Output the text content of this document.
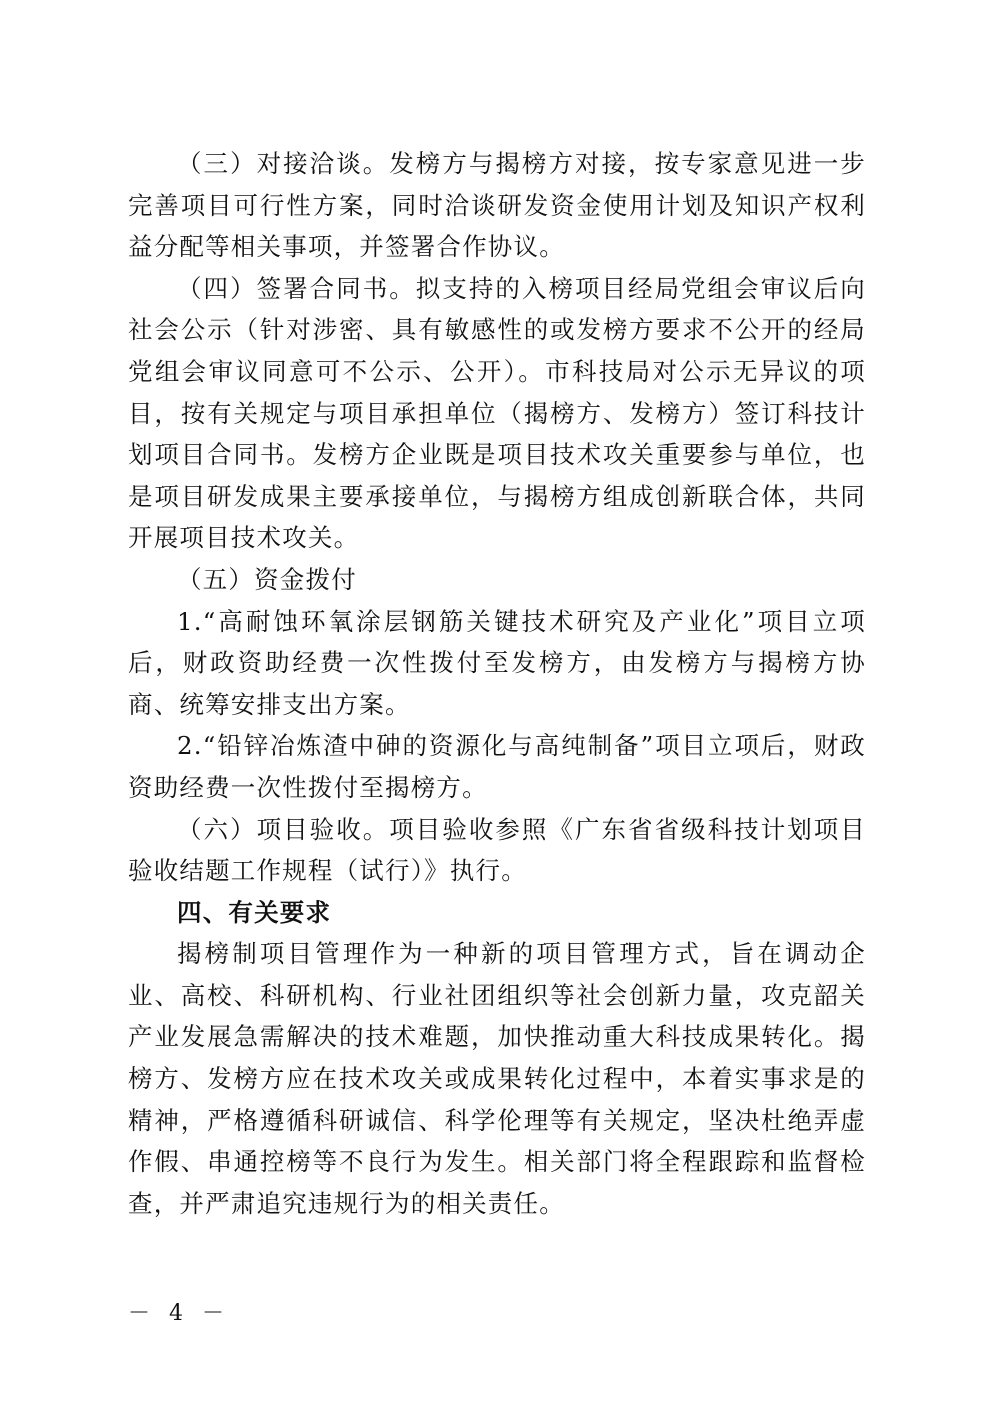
（三）对接洽谈。发榜方与揭榜方对接，按专家意见进一步完善项目可行性方案，同时洽谈研发资金使用计划及知识产权利益分配等相关事项，并签署合作协议。

（四）签署合同书。拟支持的入榜项目经局党组会审议后向社会公示（针对涉密、具有敏感性的或发榜方要求不公开的经局党组会审议同意可不公示、公开）。市科技局对公示无异议的项目，按有关规定与项目承担单位（揭榜方、发榜方）签订科技计划项目合同书。发榜方企业既是项目技术攻关重要参与单位，也是项目研发成果主要承接单位，与揭榜方组成创新联合体，共同开展项目技术攻关。

（五）资金拨付

1.“高耐蚀环氧涂层钢筋关键技术研究及产业化”项目立项后，财政资助经费一次性拨付至发榜方，由发榜方与揭榜方协商、统筹安排支出方案。

2.“铅锌冶炼渣中砷的资源化与高纯制备”项目立项后，财政资助经费一次性拨付至揭榜方。

（六）项目验收。项目验收参照《广东省省级科技计划项目验收结题工作规程（试行）》执行。

四、有关要求

揭榜制项目管理作为一种新的项目管理方式，旨在调动企业、高校、科研机构、行业社团组织等社会创新力量，攻克韶关产业发展急需解决的技术难题，加快推动重大科技成果转化。揭榜方、发榜方应在技术攻关或成果转化过程中，本着实事求是的精神，严格遵循科研诚信、科学伦理等有关规定，坚决杜绝弄虚作假、串通控榜等不良行为发生。相关部门将全程跟踪和监督检查，并严肃追究违规行为的相关责任。

－ 4 －
